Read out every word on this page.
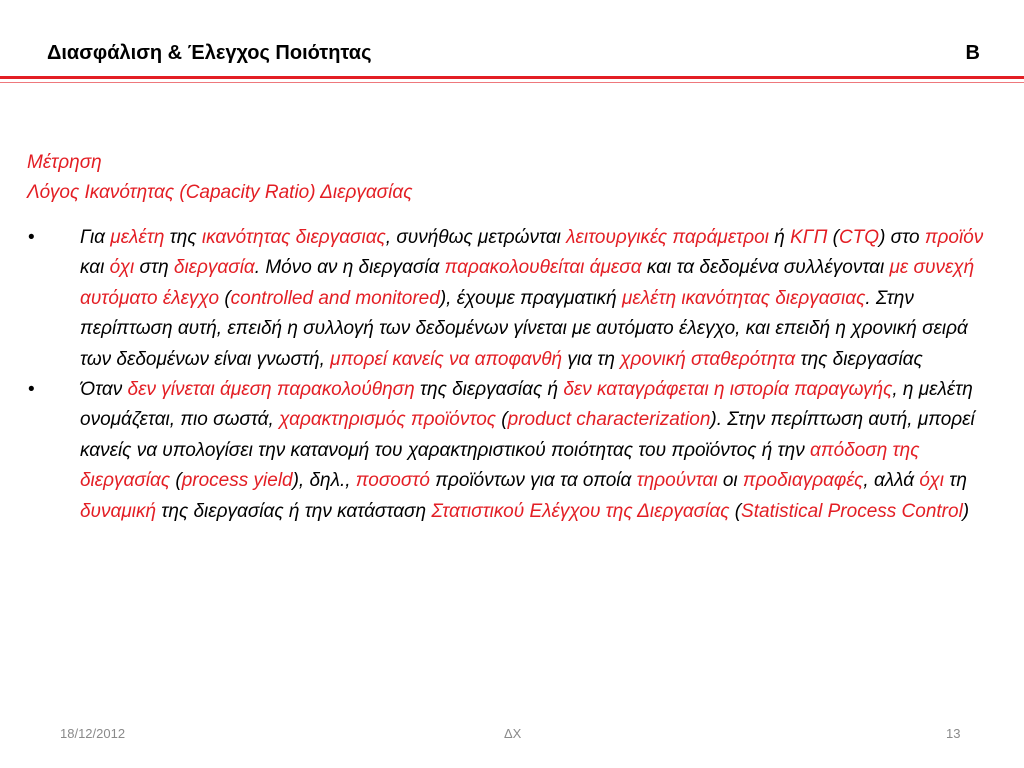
Διασφάλιση & Έλεγχος Ποιότητας	B
Μέτρηση
Λόγος Ικανότητας (Capacity Ratio) Διεργασίας
• Για μελέτη της ικανότητας διεργασιας, συνήθως μετρώνται λειτουργικές παράμετροι ή ΚΓΠ (CTQ) στο προϊόν και όχι στη διεργασία. Μόνο αν η διεργασία παρακολουθείται άμεσα και τα δεδομένα συλλέγονται με συνεχή αυτόματο έλεγχο (controlled and monitored), έχουμε πραγματική μελέτη ικανότητας διεργασιας. Στην περίπτωση αυτή, επειδή η συλλογή των δεδομένων γίνεται με αυτόματο έλεγχο, και επειδή η χρονική σειρά των δεδομένων είναι γνωστή, μπορεί κανείς να αποφανθή για τη χρονική σταθερότητα της διεργασίας
• Όταν δεν γίνεται άμεση παρακολούθηση της διεργασίας ή δεν καταγράφεται η ιστορία παραγωγής, η μελέτη ονομάζεται, πιο σωστά, χαρακτηρισμός προϊόντος (product characterization). Στην περίπτωση αυτή, μπορεί κανείς να υπολογίσει την κατανομή του χαρακτηριστικού ποιότητας του προϊόντος ή την απόδοση της διεργασίας (process yield), δηλ., ποσοστό προϊόντων για τα οποία τηρούνται οι προδιαγραφές, αλλά όχι τη δυναμική της διεργασίας ή την κατάσταση Στατιστικού Ελέγχου της Διεργασίας (Statistical Process Control)
18/12/2012	ΔΧ	13
